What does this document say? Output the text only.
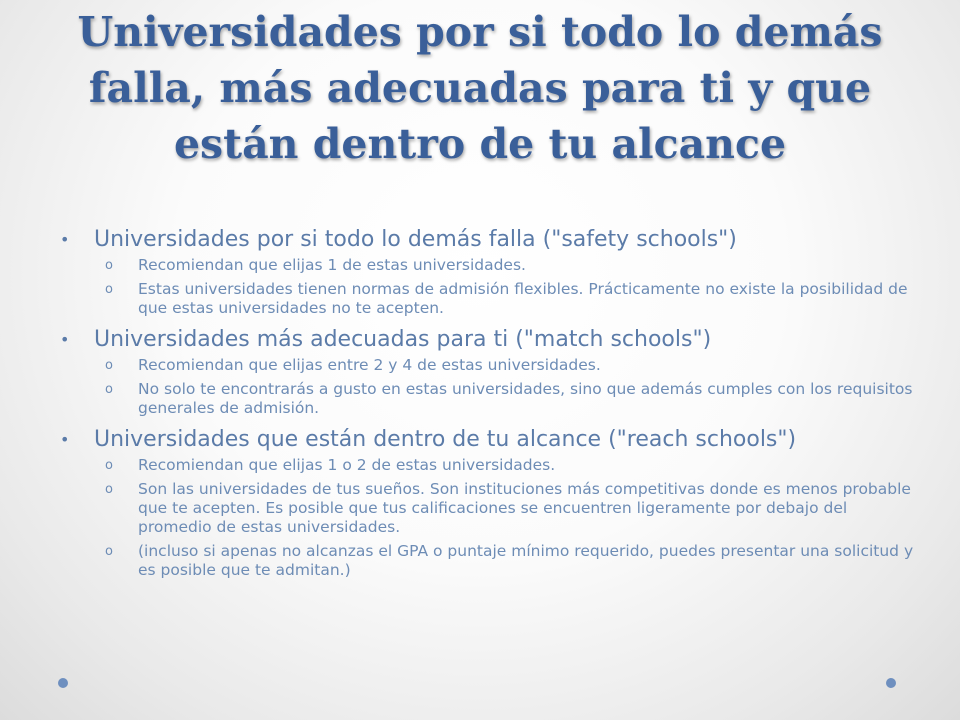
Universidades por si todo lo demás falla, más adecuadas para ti y que están dentro de tu alcance

• Universidades por si todo lo demás falla ("safety schools")

o Recomiendan que elijas 1 de estas universidades.

o Estas universidades tienen normas de admisión flexibles. Prácticamente no existe la posibilidad de que estas universidades no te acepten.

• Universidades más adecuadas para ti ("match schools")

o Recomiendan que elijas entre 2 y 4 de estas universidades.

o No solo te encontrarás a gusto en estas universidades, sino que además cumples con los requisitos generales de admisión.

• Universidades que están dentro de tu alcance ("reach schools")

o Recomiendan que elijas 1 o 2 de estas universidades.

o Son las universidades de tus sueños. Son instituciones más competitivas donde es menos probable que te acepten. Es posible que tus calificaciones se encuentren ligeramente por debajo del promedio de estas universidades.

o (incluso si apenas no alcanzas el GPA o puntaje mínimo requerido, puedes presentar una solicitud y es posible que te admitan.)
